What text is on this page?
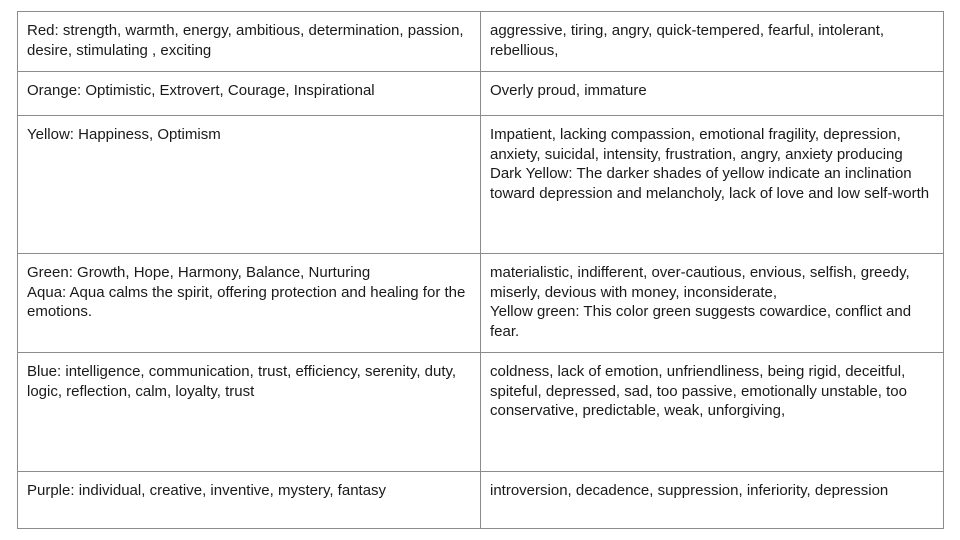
Red: strength, warmth, energy, ambitious, determination, passion, desire, stimulating , exciting	aggressive, tiring, angry, quick-tempered, fearful, intolerant, rebellious,

Orange: Optimistic, Extrovert, Courage, Inspirational	Overly proud, immature

Yellow: Happiness, Optimism	Impatient, lacking compassion, emotional fragility, depression, anxiety, suicidal, intensity, frustration, angry, anxiety producing
Dark Yellow: The darker shades of yellow indicate an inclination toward depression and melancholy, lack of love and low self-worth

Green: Growth, Hope, Harmony, Balance, Nurturing
Aqua: Aqua calms the spirit, offering protection and healing for the emotions.	materialistic, indifferent, over-cautious, envious, selfish, greedy, miserly, devious with money, inconsiderate,
Yellow green: This color green suggests cowardice, conflict and fear.

Blue: intelligence, communication, trust, efficiency, serenity, duty, logic, reflection, calm, loyalty, trust	coldness, lack of emotion, unfriendliness, being rigid, deceitful, spiteful, depressed, sad, too passive, emotionally unstable, too conservative, predictable, weak, unforgiving,

Purple: individual, creative, inventive, mystery, fantasy	introversion, decadence, suppression, inferiority, depression
